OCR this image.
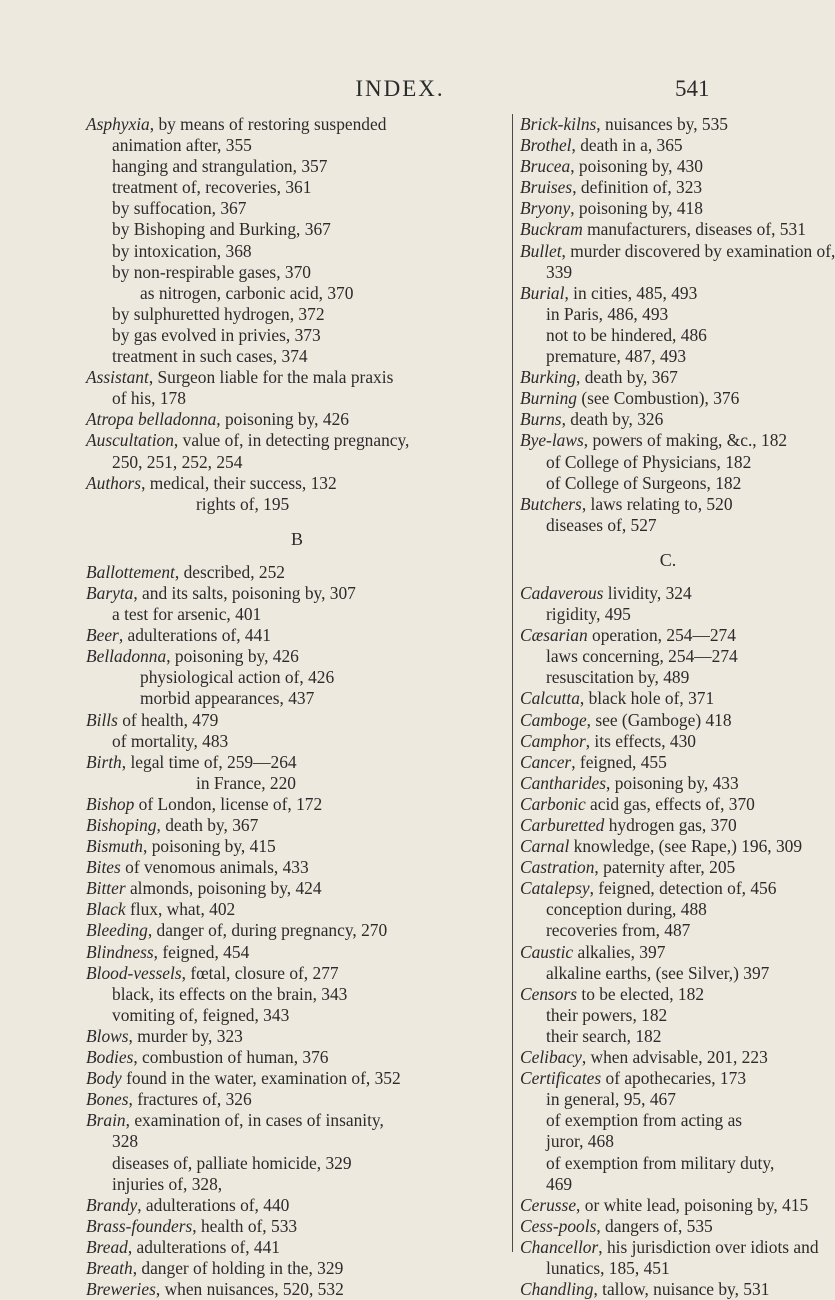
INDEX.	541
Asphyxia, by means of restoring suspended
animation after, 355
hanging and strangulation, 357
treatment of, recoveries, 361
by suffocation, 367
by Bishoping and Burking, 367
by intoxication, 368
by non-respirable gases, 370
as nitrogen, carbonic acid, 370
by sulphuretted hydrogen, 372
by gas evolved in privies, 373
treatment in such cases, 374
Assistant, Surgeon liable for the mala praxis
of his, 178
Atropa belladonna, poisoning by, 426
Auscultation, value of, in detecting pregnancy,
250, 251, 252, 254
Authors, medical, their success, 132
rights of, 195
B
Ballottement, described, 252
Baryta, and its salts, poisoning by, 307
a test for arsenic, 401
Beer, adulterations of, 441
Belladonna, poisoning by, 426
physiological action of, 426
morbid appearances, 437
Bills of health, 479
of mortality, 483
Birth, legal time of, 259—264
in France, 220
Bishop of London, license of, 172
Bishoping, death by, 367
Bismuth, poisoning by, 415
Bites of venomous animals, 433
Bitter almonds, poisoning by, 424
Black flux, what, 402
Bleeding, danger of, during pregnancy, 270
Blindness, feigned, 454
Blood-vessels, fœtal, closure of, 277
black, its effects on the brain, 343
vomiting of, feigned, 343
Blows, murder by, 323
Bodies, combustion of human, 376
Body found in the water, examination of, 352
Bones, fractures of, 326
Brain, examination of, in cases of insanity,
328
diseases of, palliate homicide, 329
injuries of, 328,
Brandy, adulterations of, 440
Brass-founders, health of, 533
Bread, adulterations of, 441
Breath, danger of holding in the, 329
Breweries, when nuisances, 520, 532
Brick-kilns, nuisances by, 535
Brothel, death in a, 365
Brucea, poisoning by, 430
Bruises, definition of, 323
Bryony, poisoning by, 418
Buckram manufacturers, diseases of, 531
Bullet, murder discovered by examination of,
339
Burial, in cities, 485, 493
in Paris, 486, 493
not to be hindered, 486
premature, 487, 493
Burking, death by, 367
Burning (see Combustion), 376
Burns, death by, 326
Bye-laws, powers of making, &c., 182
of College of Physicians, 182
of College of Surgeons, 182
Butchers, laws relating to, 520
diseases of, 527
C.
Cadaverous lividity, 324
rigidity, 495
Cæsarian operation, 254—274
laws concerning, 254—274
resuscitation by, 489
Calcutta, black hole of, 371
Camboge, see (Gamboge) 418
Camphor, its effects, 430
Cancer, feigned, 455
Cantharides, poisoning by, 433
Carbonic acid gas, effects of, 370
Carburetted hydrogen gas, 370
Carnal knowledge, (see Rape,) 196, 309
Castration, paternity after, 205
Catalepsy, feigned, detection of, 456
conception during, 488
recoveries from, 487
Caustic alkalies, 397
alkaline earths, (see Silver,) 397
Censors to be elected, 182
their powers, 182
their search, 182
Celibacy, when advisable, 201, 223
Certificates of apothecaries, 173
in general, 95, 467
of exemption from acting as
juror, 468
of exemption from military duty,
469
Cerusse, or white lead, poisoning by, 415
Cess-pools, dangers of, 535
Chancellor, his jurisdiction over idiots and
lunatics, 185, 451
Chandling, tallow, nuisance by, 531
